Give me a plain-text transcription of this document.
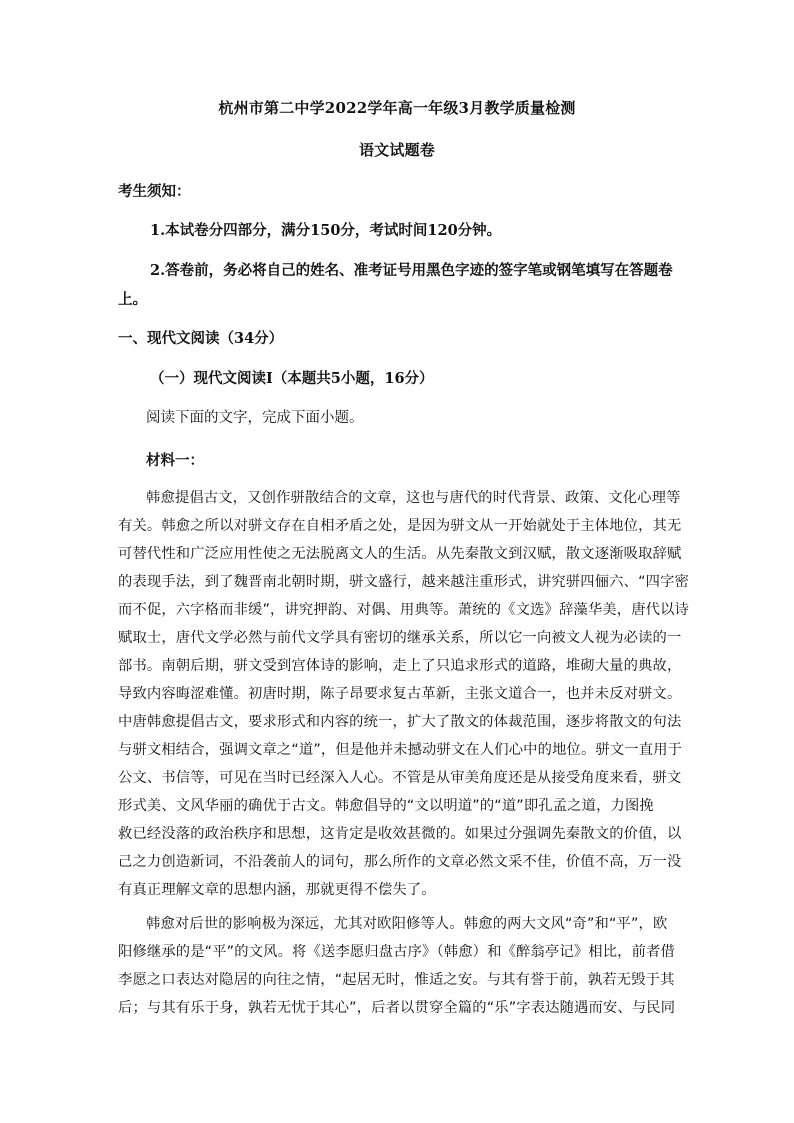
杭州市第二中学2022学年高一年级3月教学质量检测
语文试题卷
考生须知：
1.本试卷分四部分，满分150分，考试时间120分钟。
2.答卷前，务必将自己的姓名、准考证号用黑色字迹的签字笔或钢笔填写在答题卷
上。
一、现代文阅读（34分）
（一）现代文阅读Ⅰ（本题共5小题，16分）
阅读下面的文字，完成下面小题。
材料一：
韩愈提倡古文，又创作骈散结合的文章，这也与唐代的时代背景、政策、文化心理等
有关。韩愈之所以对骈文存在自相矛盾之处，是因为骈文从一开始就处于主体地位，其无
可替代性和广泛应用性使之无法脱离文人的生活。从先秦散文到汉赋，散文逐渐吸取辞赋
的表现手法，到了魏晋南北朝时期，骈文盛行，越来越注重形式，讲究骈四俪六、“四字密
而不促，六字格而非缓”，讲究押韵、对偶、用典等。萧统的《文选》辞藻华美，唐代以诗
赋取士，唐代文学必然与前代文学具有密切的继承关系，所以它一向被文人视为必读的一
部书。南朝后期，骈文受到宫体诗的影响，走上了只追求形式的道路，堆砌大量的典故，
导致内容晦涩难懂。初唐时期，陈子昂要求复古革新，主张文道合一，也并未反对骈文。
中唐韩愈提倡古文，要求形式和内容的统一，扩大了散文的体裁范围，逐步将散文的句法
与骈文相结合，强调文章之“道”，但是他并未撼动骈文在人们心中的地位。骈文一直用于
公文、书信等，可见在当时已经深入人心。不管是从审美角度还是从接受角度来看，骈文
形式美、文风华丽的确优于古文。韩愈倡导的“文以明道”的“道”即孔孟之道，力图挽
救已经没落的政治秩序和思想，这肯定是收效甚微的。如果过分强调先秦散文的价值，以
己之力创造新词，不沿袭前人的词句，那么所作的文章必然文采不佳，价值不高，万一没
有真正理解文章的思想内涵，那就更得不偿失了。
韩愈对后世的影响极为深远，尤其对欧阳修等人。韩愈的两大文风“奇”和“平”，欧
阳修继承的是“平”的文风。将《送李愿归盘古序》（韩愈）和《醉翁亭记》相比，前者借
李愿之口表达对隐居的向往之情，“起居无时，惟适之安。与其有誉于前，孰若无毁于其
后；与其有乐于身，孰若无忧于其心”，后者以贯穿全篇的“乐”字表达随遇而安、与民同
